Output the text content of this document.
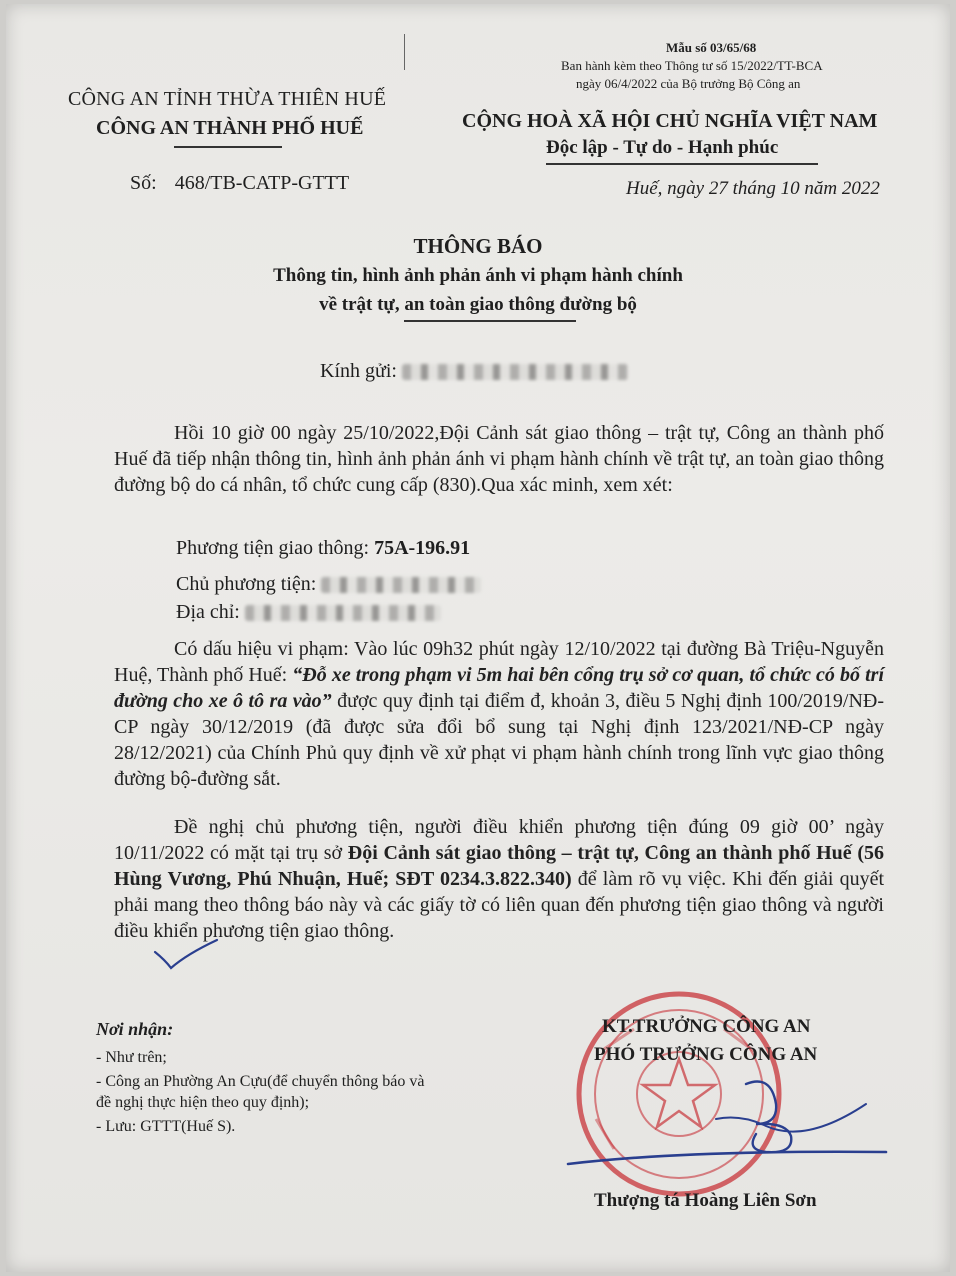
Mẫu số 03/65/68
Ban hành kèm theo Thông tư số 15/2022/TT-BCA
ngày 06/4/2022 của Bộ trưởng Bộ Công an
CÔNG AN TỈNH THỪA THIÊN HUẾ
CÔNG AN THÀNH PHỐ HUẾ	CỘNG HOÀ XÃ HỘI CHỦ NGHĨA VIỆT NAM
Độc lập - Tự do - Hạnh phúc
Số: 468/TB-CATP-GTTT	Huế, ngày 27 tháng 10 năm 2022
THÔNG BÁO
Thông tin, hình ảnh phản ánh vi phạm hành chính
về trật tự, an toàn giao thông đường bộ
Kính gửi:
Hồi 10 giờ 00 ngày 25/10/2022,Đội Cảnh sát giao thông – trật tự, Công an thành phố Huế đã tiếp nhận thông tin, hình ảnh phản ánh vi phạm hành chính về trật tự, an toàn giao thông đường bộ do cá nhân, tổ chức cung cấp (830).Qua xác minh, xem xét:
Phương tiện giao thông: 75A-196.91
Chủ phương tiện:
Địa chỉ:
Có dấu hiệu vi phạm: Vào lúc 09h32 phút ngày 12/10/2022 tại đường Bà Triệu-Nguyễn Huệ, Thành phố Huế: “Đỗ xe trong phạm vi 5m hai bên cổng trụ sở cơ quan, tổ chức có bố trí đường cho xe ô tô ra vào” được quy định tại điểm đ, khoản 3, điều 5 Nghị định 100/2019/NĐ-CP ngày 30/12/2019 (đã được sửa đổi bổ sung tại Nghị định 123/2021/NĐ-CP ngày 28/12/2021) của Chính Phủ quy định về xử phạt vi phạm hành chính trong lĩnh vực giao thông đường bộ-đường sắt.
Đề nghị chủ phương tiện, người điều khiển phương tiện đúng 09 giờ 00’ ngày 10/11/2022 có mặt tại trụ sở Đội Cảnh sát giao thông – trật tự, Công an thành phố Huế (56 Hùng Vương, Phú Nhuận, Huế; SĐT 0234.3.822.340) để làm rõ vụ việc. Khi đến giải quyết phải mang theo thông báo này và các giấy tờ có liên quan đến phương tiện giao thông và người điều khiển phương tiện giao thông.
Nơi nhận:
- Như trên;
- Công an Phường An Cựu(để chuyển thông báo và
đề nghị thực hiện theo quy định);
- Lưu: GTTT(Huế S).
KT.TRƯỞNG CÔNG AN
PHÓ TRƯỞNG CÔNG AN
Thượng tá Hoàng Liên Sơn
